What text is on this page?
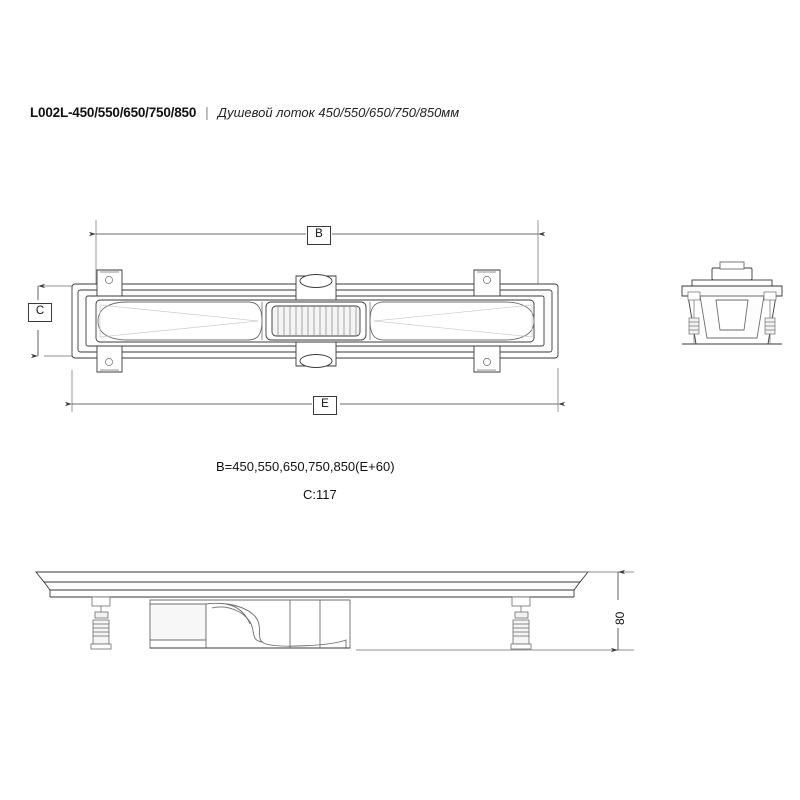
L002L-450/550/650/750/850 | Душевой лоток 450/550/650/750/850мм
B
E
C
B=450,550,650,750,850(E+60)
C:117
80
